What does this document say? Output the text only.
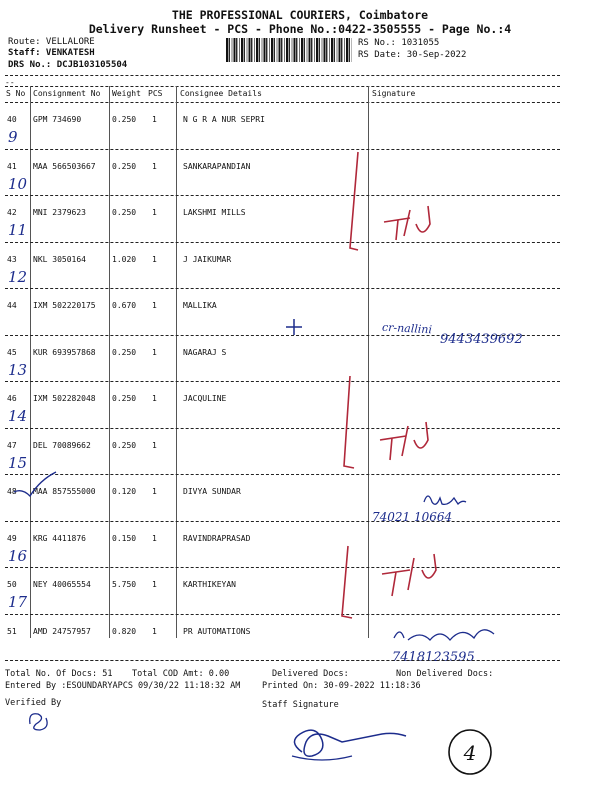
THE PROFESSIONAL COURIERS, Coimbatore
Delivery Runsheet - PCS - Phone No.:0422-3505555 - Page No.:4
Route: VELLALORE
Staff: VENKATESH
DRS No.: DCJB103105504
RS No.: 1031055
RS Date: 30-Sep-2022
--
S No Consignment No Weight PCS Consignee Details	Signature
40 GPM 734690	0.250 1	N G R A NUR SEPRI
9
41 MAA 566503667 0.250 1	SANKARAPANDIAN
10
42 MNI 2379623	0.250 1	LAKSHMI MILLS
11
43 NKL 3050164	1.020 1	J JAIKUMAR
12
44 IXM 502220175 0.670 1	MALLIKA
45 KUR 693957868 0.250 1	NAGARAJ S
13
46 IXM 502282048 0.250 1	JACQULINE
14
47 DEL 70089662	0.250 1
15
48 MAA 857555000 0.120 1	DIVYA SUNDAR
49 KRG 4411876	0.150 1	RAVINDRAPRASAD
16
50 NEY 40065554	5.750 1	KARTHIKEYAN
17
51 AMD 24757957	0.820 1	PR AUTOMATIONS
cr-nallini
9443439692
74021 10664
7418123595
Total No. Of Docs: 51 Total COD Amt: 0.00	Delivered Docs:	Non Delivered Docs:
Entered By :ESOUNDARYAPCS 09/30/22 11:18:32 AM	Printed On: 30-09-2022 11:18:36
Verified By	Staff Signature
4
